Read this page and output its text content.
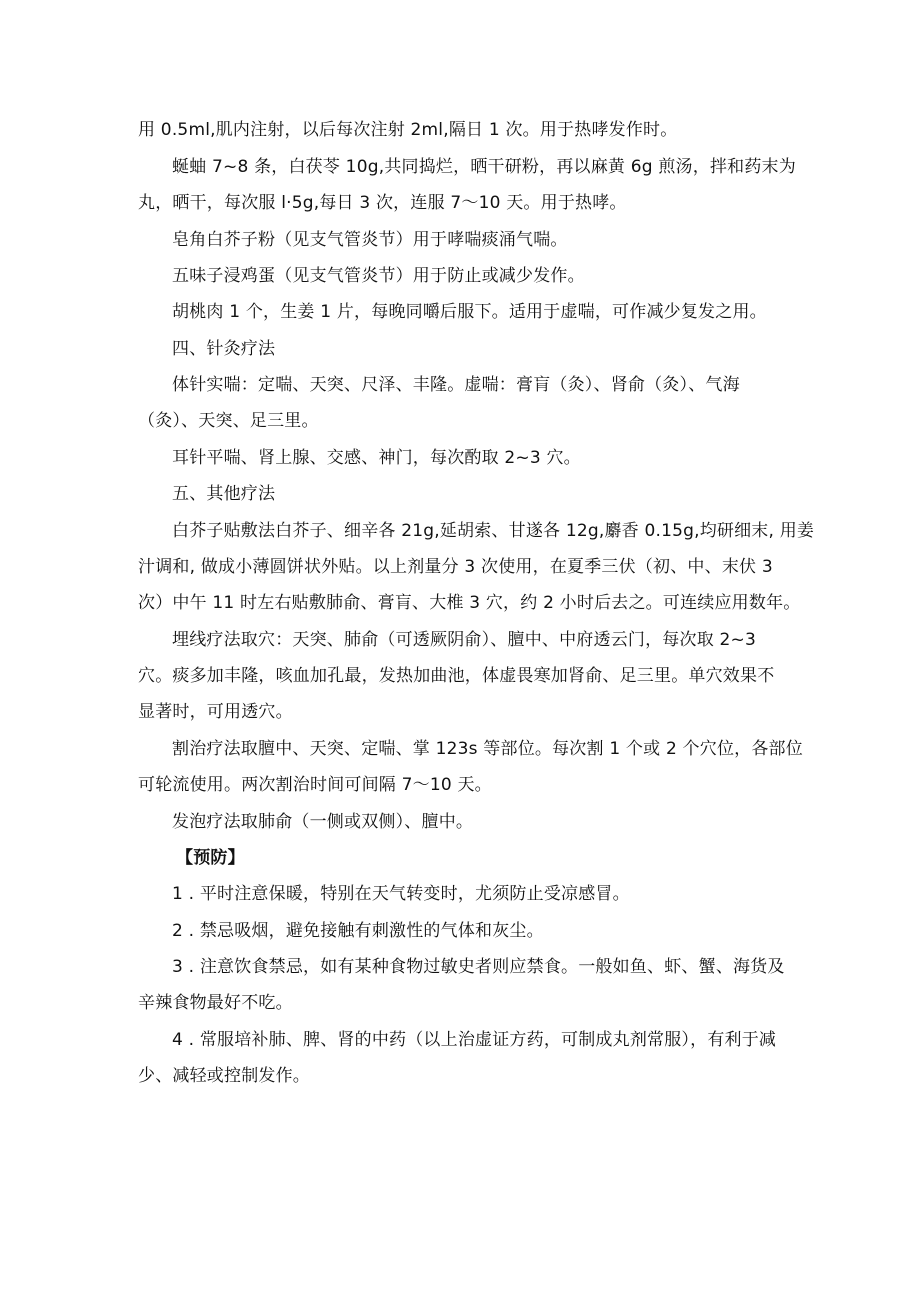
用 0.5ml,肌内注射，以后每次注射 2ml,隔日 1 次。用于热哮发作时。
蜒蚰 7~8 条，白茯苓 10g,共同捣烂，晒干研粉，再以麻黄 6g 煎汤，拌和药末为
丸，晒干，每次服 l·5g,每日 3 次，连服 7～10 天。用于热哮。
皂角白芥子粉（见支气管炎节）用于哮喘痰涌气喘。
五味子浸鸡蛋（见支气管炎节）用于防止或减少发作。
胡桃肉 1 个，生姜 1 片，每晚同嚼后服下。适用于虚喘，可作减少复发之用。
四、针灸疗法
体针实喘：定喘、天突、尺泽、丰隆。虚喘：膏肓（灸）、肾俞（灸）、气海
（灸）、天突、足三里。
耳针平喘、肾上腺、交感、神门，每次酌取 2~3 穴。
五、其他疗法
白芥子贴敷法白芥子、细辛各 21g,延胡索、甘遂各 12g,麝香 0.15g,均研细末, 用姜
汁调和, 做成小薄圆饼状外贴。以上剂量分 3 次使用，在夏季三伏（初、中、末伏 3
次）中午 11 时左右贴敷肺俞、膏肓、大椎 3 穴，约 2 小时后去之。可连续应用数年。
埋线疗法取穴：天突、肺俞（可透厥阴俞）、膻中、中府透云门，每次取 2~3
穴。痰多加丰隆，咳血加孔最，发热加曲池，体虚畏寒加肾俞、足三里。单穴效果不
显著时，可用透穴。
割治疗法取膻中、天突、定喘、掌 123s 等部位。每次割 1 个或 2 个穴位，各部位
可轮流使用。两次割治时间可间隔 7～10 天。
发泡疗法取肺俞（一侧或双侧）、膻中。
【预防】
1 . 平时注意保暖，特别在天气转变时，尤须防止受凉感冒。
2 . 禁忌吸烟，避免接触有刺激性的气体和灰尘。
3 . 注意饮食禁忌，如有某种食物过敏史者则应禁食。一般如鱼、虾、蟹、海货及
辛辣食物最好不吃。
4 . 常服培补肺、脾、肾的中药（以上治虚证方药，可制成丸剂常服），有利于减
少、减轻或控制发作。
